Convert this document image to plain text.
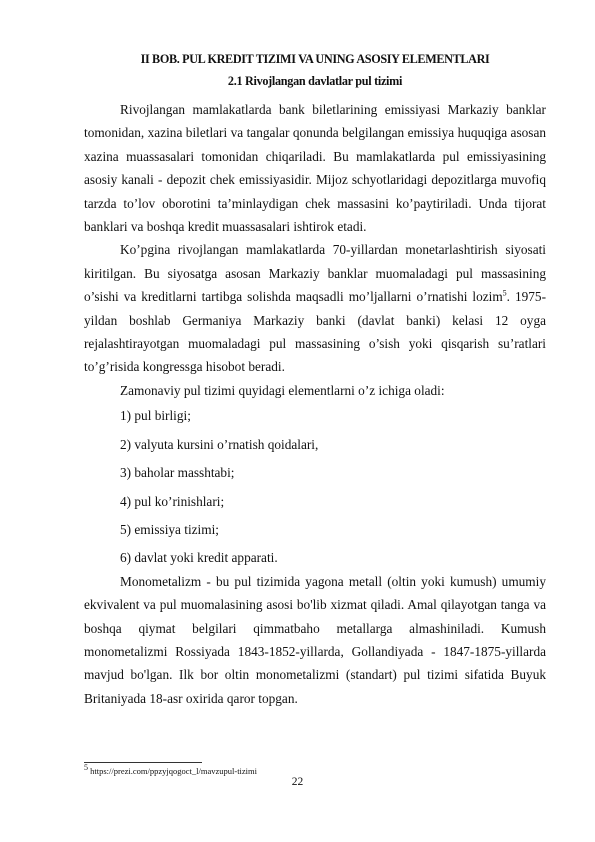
II BOB. PUL KREDIT TIZIMI VA UNING ASOSIY ELEMENTLARI
2.1 Rivojlangan davlatlar pul tizimi

Rivojlangan mamlakatlarda bank biletlarining emissiyasi Markaziy banklar tomonidan, xazina biletlari va tangalar qonunda belgilangan emissiya huquqiga asosan xazina muassasalari tomonidan chiqariladi. Bu mamlakatlarda pul emissiyasining asosiy kanali - depozit chek emissiyasidir. Mijoz schyotlaridagi depozitlarga muvofiq tarzda to’lov oborotini ta’minlaydigan chek massasini ko’paytiriladi. Unda tijorat banklari va boshqa kredit muassasalari ishtirok etadi.

Ko’pgina rivojlangan mamlakatlarda 70-yillardan monetarlashtirish siyosati kiritilgan. Bu siyosatga asosan Markaziy banklar muomaladagi pul massasining o’sishi va kreditlarni tartibga solishda maqsadli mo’ljallarni o’rnatishi lozim$^5$. 1975- yildan boshlab Germaniya Markaziy banki (davlat banki) kelasi 12 oyga rejalashtirayotgan muomaladagi pul massasining o’sish yoki qisqarish su’ratlari to’g’risida kongressga hisobot beradi.

Zamonaviy pul tizimi quyidagi elementlarni o’z ichiga oladi:

1) pul birligi;
2) valyuta kursini o’rnatish qoidalari,
3) baholar masshtabi;
4) pul ko’rinishlari;
5) emissiya tizimi;
6) davlat yoki kredit apparati.

Monometalizm - bu pul tizimida yagona metall (oltin yoki kumush) umumiy ekvivalent va pul muomalasining asosi bo'lib xizmat qiladi. Amal qilayotgan tanga va boshqa qiymat belgilari qimmatbaho metallarga almashiniladi. Kumush monometalizmi Rossiyada 1843-1852-yillarda, Gollandiyada - 1847-1875-yillarda mavjud bo'lgan. Ilk bor oltin monometalizmi (standart) pul tizimi sifatida Buyuk Britaniyada 18-asr oxirida qaror topgan.

$^5$ https://prezi.com/ppzyjqogoct_l/mavzupul-tizimi
22
